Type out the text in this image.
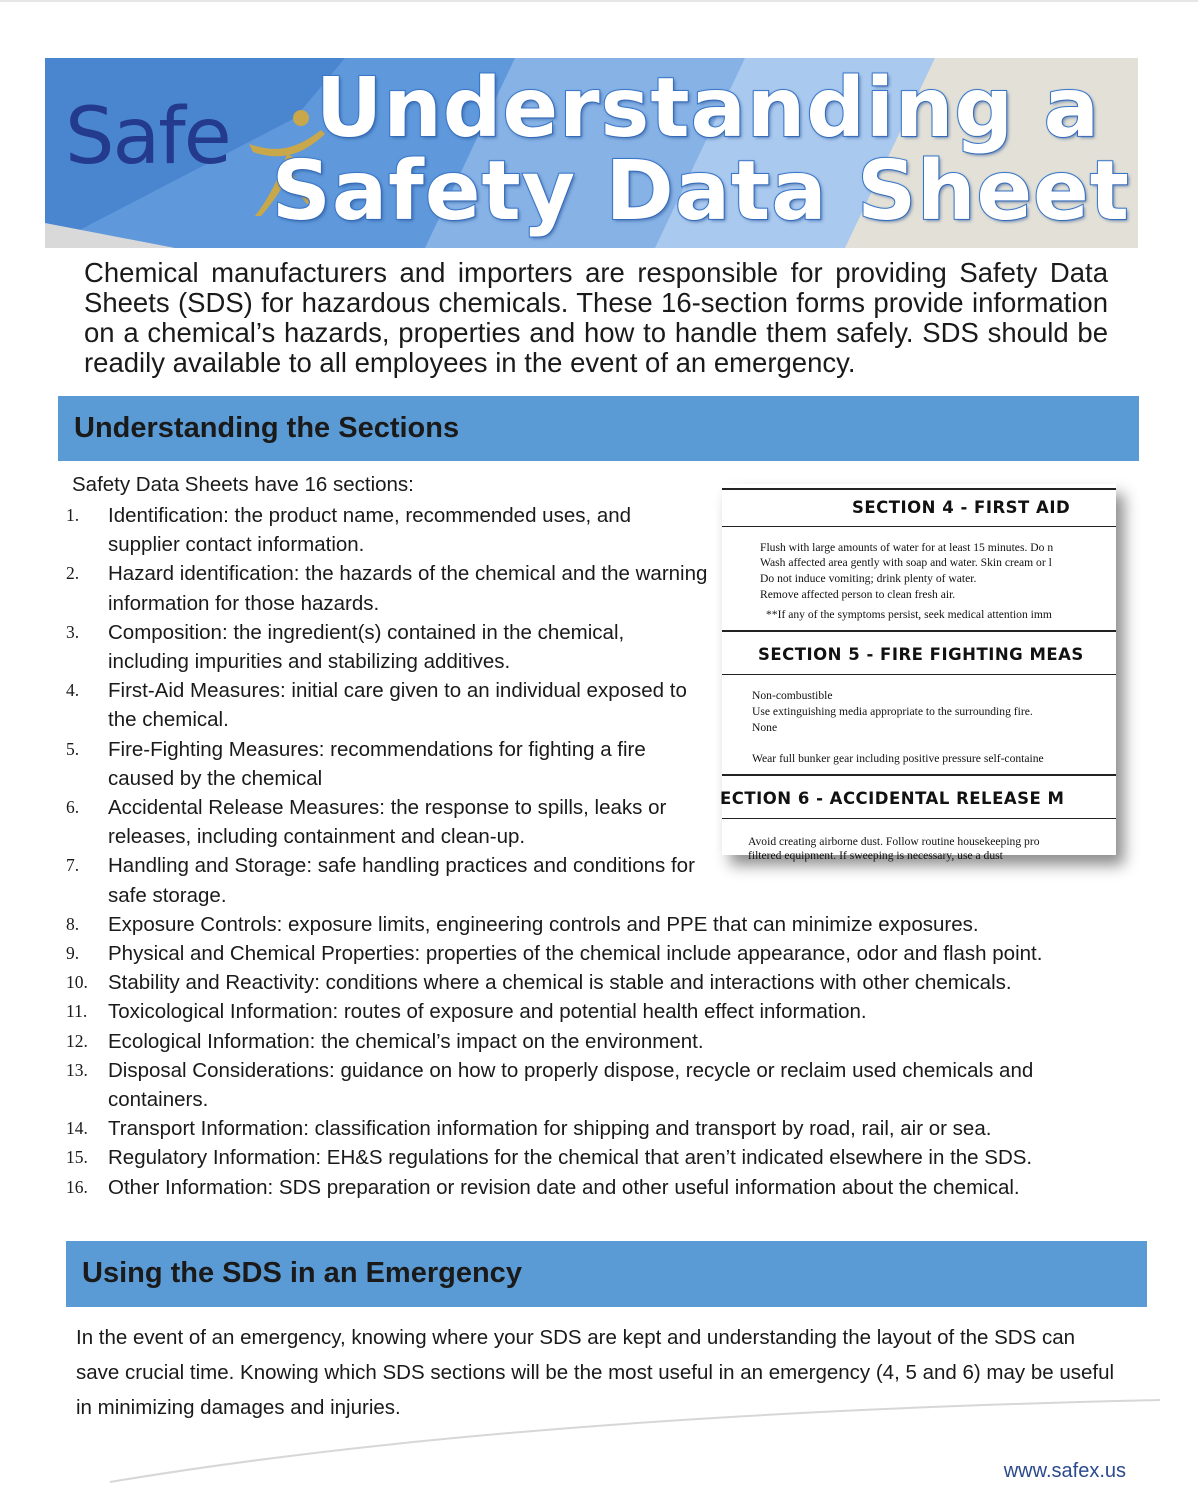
Safe Understanding a
Safety Data Sheet

Chemical manufacturers and importers are responsible for providing Safety Data Sheets (SDS) for hazardous chemicals. These 16-section forms provide information on a chemical’s hazards, properties and how to handle them safely. SDS should be readily available to all employees in the event of an emergency.

Understanding the Sections

Safety Data Sheets have 16 sections:

1.	Identification: the product name, recommended uses, and supplier contact information.
2.	Hazard identification: the hazards of the chemical and the warning information for those hazards.
3.	Composition: the ingredient(s) contained in the chemical, including impurities and stabilizing additives.
4.	First-Aid Measures: initial care given to an individual exposed to the chemical.
5.	Fire-Fighting Measures: recommendations for fighting a fire caused by the chemical
6.	Accidental Release Measures: the response to spills, leaks or releases, including containment and clean-up.
7.	Handling and Storage: safe handling practices and conditions for safe storage.
8.	Exposure Controls: exposure limits, engineering controls and PPE that can minimize exposures.
9.	Physical and Chemical Properties: properties of the chemical include appearance, odor and flash point.
10. Stability and Reactivity: conditions where a chemical is stable and interactions with other chemicals.
11.	Toxicological Information: routes of exposure and potential health effect information.
12. Ecological Information: the chemical’s impact on the environment.
13. Disposal Considerations: guidance on how to properly dispose, recycle or reclaim used chemicals and containers.
14. Transport Information: classification information for shipping and transport by road, rail, air or sea.
15. Regulatory Information: EH&S regulations for the chemical that aren’t indicated elsewhere in the SDS.
16. Other Information: SDS preparation or revision date and other useful information about the chemical.
SECTION 4 - FIRST AID
Flush with large amounts of water for at least 15 minutes. Do n
Wash affected area gently with soap and water. Skin cream or l
Do not induce vomiting; drink plenty of water.
Remove affected person to clean fresh air.
**If any of the symptoms persist, seek medical attention imm
SECTION 5 - FIRE FIGHTING MEAS
Non-combustible
Use extinguishing media appropriate to the surrounding fire.
None
Wear full bunker gear including positive pressure self-containe
ECTION 6 - ACCIDENTAL RELEASE M
Avoid creating airborne dust. Follow routine housekeeping pro
filtered equipment. If sweeping is necessary, use a dust
Using the SDS in an Emergency

In the event of an emergency, knowing where your SDS are kept and understanding the layout of the SDS can save crucial time. Knowing which SDS sections will be the most useful in an emergency (4, 5 and 6) may be useful in minimizing damages and injuries.

www.safex.us
